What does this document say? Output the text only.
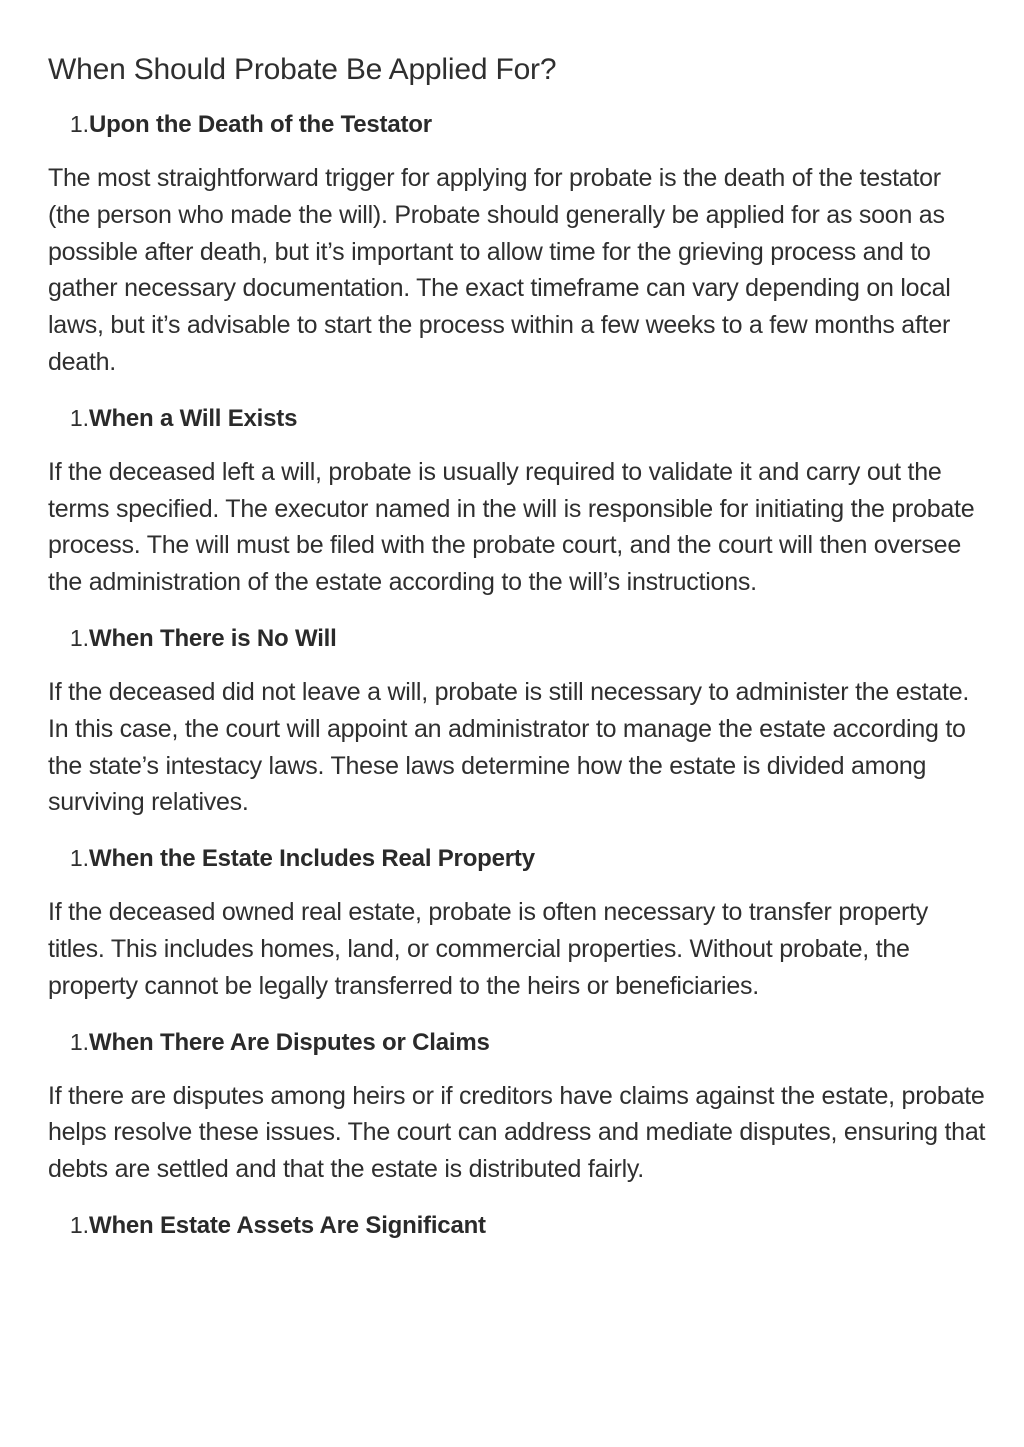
When Should Probate Be Applied For?
1. Upon the Death of the Testator

The most straightforward trigger for applying for probate is the death of the testator (the person who made the will). Probate should generally be applied for as soon as possible after death, but it’s important to allow time for the grieving process and to gather necessary documentation. The exact timeframe can vary depending on local laws, but it’s advisable to start the process within a few weeks to a few months after death.

1. When a Will Exists

If the deceased left a will, probate is usually required to validate it and carry out the terms specified. The executor named in the will is responsible for initiating the probate process. The will must be filed with the probate court, and the court will then oversee the administration of the estate according to the will’s instructions.

1. When There is No Will

If the deceased did not leave a will, probate is still necessary to administer the estate. In this case, the court will appoint an administrator to manage the estate according to the state’s intestacy laws. These laws determine how the estate is divided among surviving relatives.

1. When the Estate Includes Real Property

If the deceased owned real estate, probate is often necessary to transfer property titles. This includes homes, land, or commercial properties. Without probate, the property cannot be legally transferred to the heirs or beneficiaries.

1. When There Are Disputes or Claims

If there are disputes among heirs or if creditors have claims against the estate, probate helps resolve these issues. The court can address and mediate disputes, ensuring that debts are settled and that the estate is distributed fairly.

1. When Estate Assets Are Significant
